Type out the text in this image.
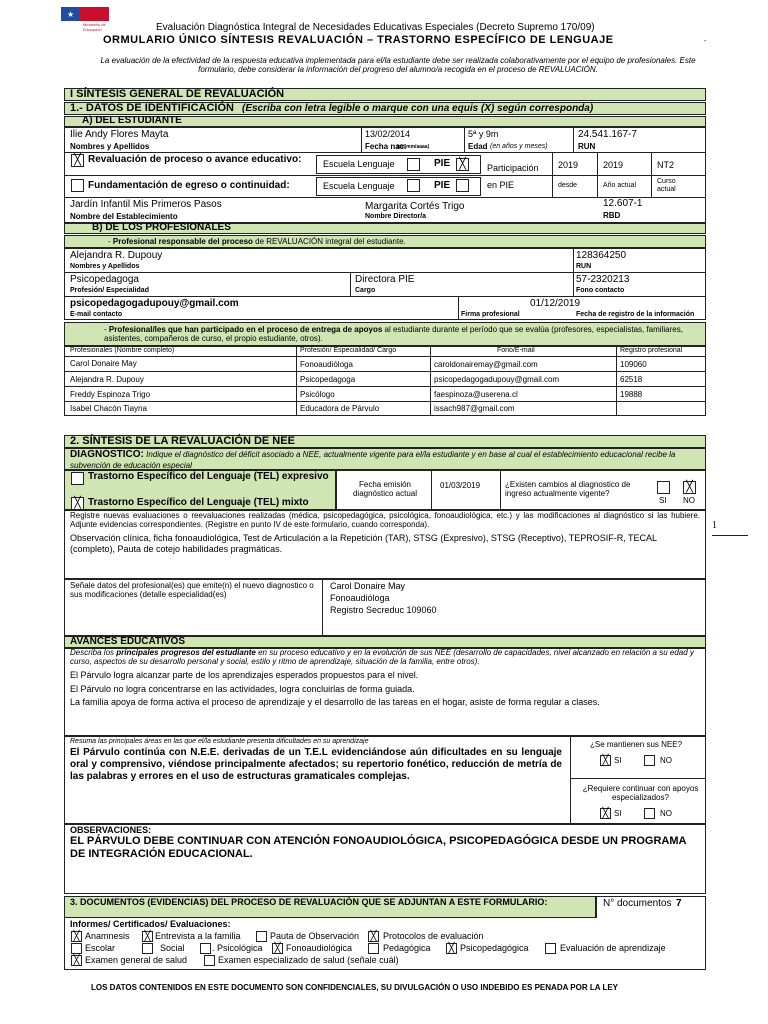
★
Ministerio de Educación	Evaluación Diagnóstica Integral de Necesidades Educativas Especiales (Decreto Supremo 170/09)
ORMULARIO ÚNICO SÍNTESIS REVALUACIÓN – TRASTORNO ESPECÍFICO DE LENGUAJE	-
La evaluación de la efectividad de la respuesta educativa implementada para el/la estudiante debe ser realizada colaborativamente por el equipo de profesionales. Este formulario, debe considerar la información del progreso del alumno/a recogida en el proceso de REVALUACIÓN.
I SÍNTESIS GENERAL DE REVALUACIÓN
1.- DATOS DE IDENTIFICACIÓN (Escriba con letra legible o marque con una equis (X) según corresponda)
A) DEL ESTUDIANTE
Ilie Andy Flores Mayta
Nombres y Apellidos
13/02/2014
Fecha nac.
(dd/mm/aaaa)
5ª y 9m
Edad (en años y meses)
24.541.167-7
RUN
╳ Revaluación de proceso o avance educativo:
Fundamentación de egreso o continuidad:
Escuela Lenguaje	PIE ╳
Escuela Lenguaje	PIE
Participación en PIE
2019
desde
2019
Año actual
NT2
Curso actual
Jardín Infantil Mis Primeros Pasos
Nombre del Establecimiento
Margarita Cortés Trigo
Nombre Director/a
12.607-1
RBD
B) DE LOS PROFESIONALES
- Profesional responsable del proceso de REVALUACIÓN integral del estudiante.
Alejandra R. Dupouy
Nombres y Apellidos
128364250
RUN
Psicopedagoga
Profesión/ Especialidad
Directora PIE
Cargo
57-2320213
Fono contacto
psicopedagogadupouy@gmail.com
E-mail contacto	Firma profesional
01/12/2019
Fecha de registro de la información
- Profesional/les que han participado en el proceso de entrega de apoyos al estudiante durante el período que se evalúa (profesores, especialistas, familiares, asistentes, compañeros de curso, el propio estudiante, otros).
Profesionales (Nombre completo)	Profesión/ Especialidad/ Cargo	Fono/E-mail	Registro profesional
Carol Donaire May	Fonoaudióloga	caroldonairemay@gmail.com	109060
Alejandra R. Dupouy	Psicopedagoga	psicopedagogadupouy@gmail.com	62518
Freddy Espinoza Trigo	Psicólogo	faespinoza@userena.cl	19888
Isabel Chacón Tiayna	Educadora de Párvulo	issach987@gmail.com
2. SÍNTESIS DE LA REVALUACIÓN DE NEE
DIAGNÓSTICO: Indique el diagnóstico del déficit asociado a NEE, actualmente vigente para el/la estudiante y en base al cual el establecimiento educacional recibe la subvención de educación especial
Trastorno Específico del Lenguaje (TEL) expresivo
╳ Trastorno Específico del Lenguaje (TEL) mixto
Fecha emisión diagnóstico actual
01/03/2019	¿Existen cambios al diagnostico de ingreso actualmente vigente?
╳
SI NO
Registre nuevas evaluaciones o reevaluaciones realizadas (médica, psicopedagógica, psicológica, fonoaudiológica, etc.) y las modificaciones al diagnóstico si las hubiere. Adjunte evidencias correspondientes. (Registre en punto IV de este formulario, cuando corresponda).
Observación clínica, ficha fonoaudiológica, Test de Articulación a la Repetición (TAR), STSG (Expresivo), STSG (Receptivo), TEPROSIF-R, TECAL (completo), Pauta de cotejo habilidades pragmáticas.
1
Señale datos del profesional(es) que emite(n) el nuevo diagnostico o sus modificaciones (detalle especialidad(es)
Carol Donaire May
Fonoaudióloga
Registro Secreduc 109060
AVANCES EDUCATIVOS
Describa los principales progresos del estudiante en su proceso educativo y en la evolución de sus NEE (desarrollo de capacidades, nivel alcanzado en relación a su edad y curso, aspectos de su desarrollo personal y social, estilo y ritmo de aprendizaje, situación de la familia, entre otros).
El Párvulo logra alcanzar parte de los aprendizajes esperados propuestos para el nivel.
El Párvulo no logra concentrarse en las actividades, logra concluirlas de forma guiada.
La familia apoya de forma activa el proceso de aprendizaje y el desarrollo de las tareas en el hogar, asiste de forma regular a clases.
Resuma las principales áreas en las que el/la estudiante presenta dificultades en su aprendizaje
El Párvulo continúa con N.E.E. derivadas de un T.E.L evidenciándose aún dificultades en su lenguaje oral y comprensivo, viéndose principalmente afectados; su repertorio fonético, reducción de metría de las palabras y errores en el uso de estructuras gramaticales complejas.
¿Se mantienen sus NEE?
╳ SI	NO
¿Requiere continuar con apoyos especializados?
╳ SI	NO
OBSERVACIONES:
EL PÁRVULO DEBE CONTINUAR CON ATENCIÓN FONOAUDIOLÓGICA, PSICOPEDAGÓGICA DESDE UN PROGRAMA DE INTEGRACIÓN EDUCACIONAL.
3. DOCUMENTOS (EVIDENCIAS) DEL PROCESO DE REVALUACIÓN QUE SE ADJUNTAN A ESTE FORMULARIO:	N° documentos 7
Informes/ Certificados/ Evaluaciones:
╳ Anamnesis ╳ Entrevista a la familia	Pauta de Observación ╳ Protocolos de evaluación
Escolar	Social	. Psicológica ╳ Fonoaudiológica	Pedagógica ╳ Psicopedagógica	Evaluación de aprendizaje
╳ Examen general de salud	Examen especializado de salud (señale cuál)
LOS DATOS CONTENIDOS EN ESTE DOCUMENTO SON CONFIDENCIALES, SU DIVULGACIÓN O USO INDEBIDO ES PENADA POR LA LEY
